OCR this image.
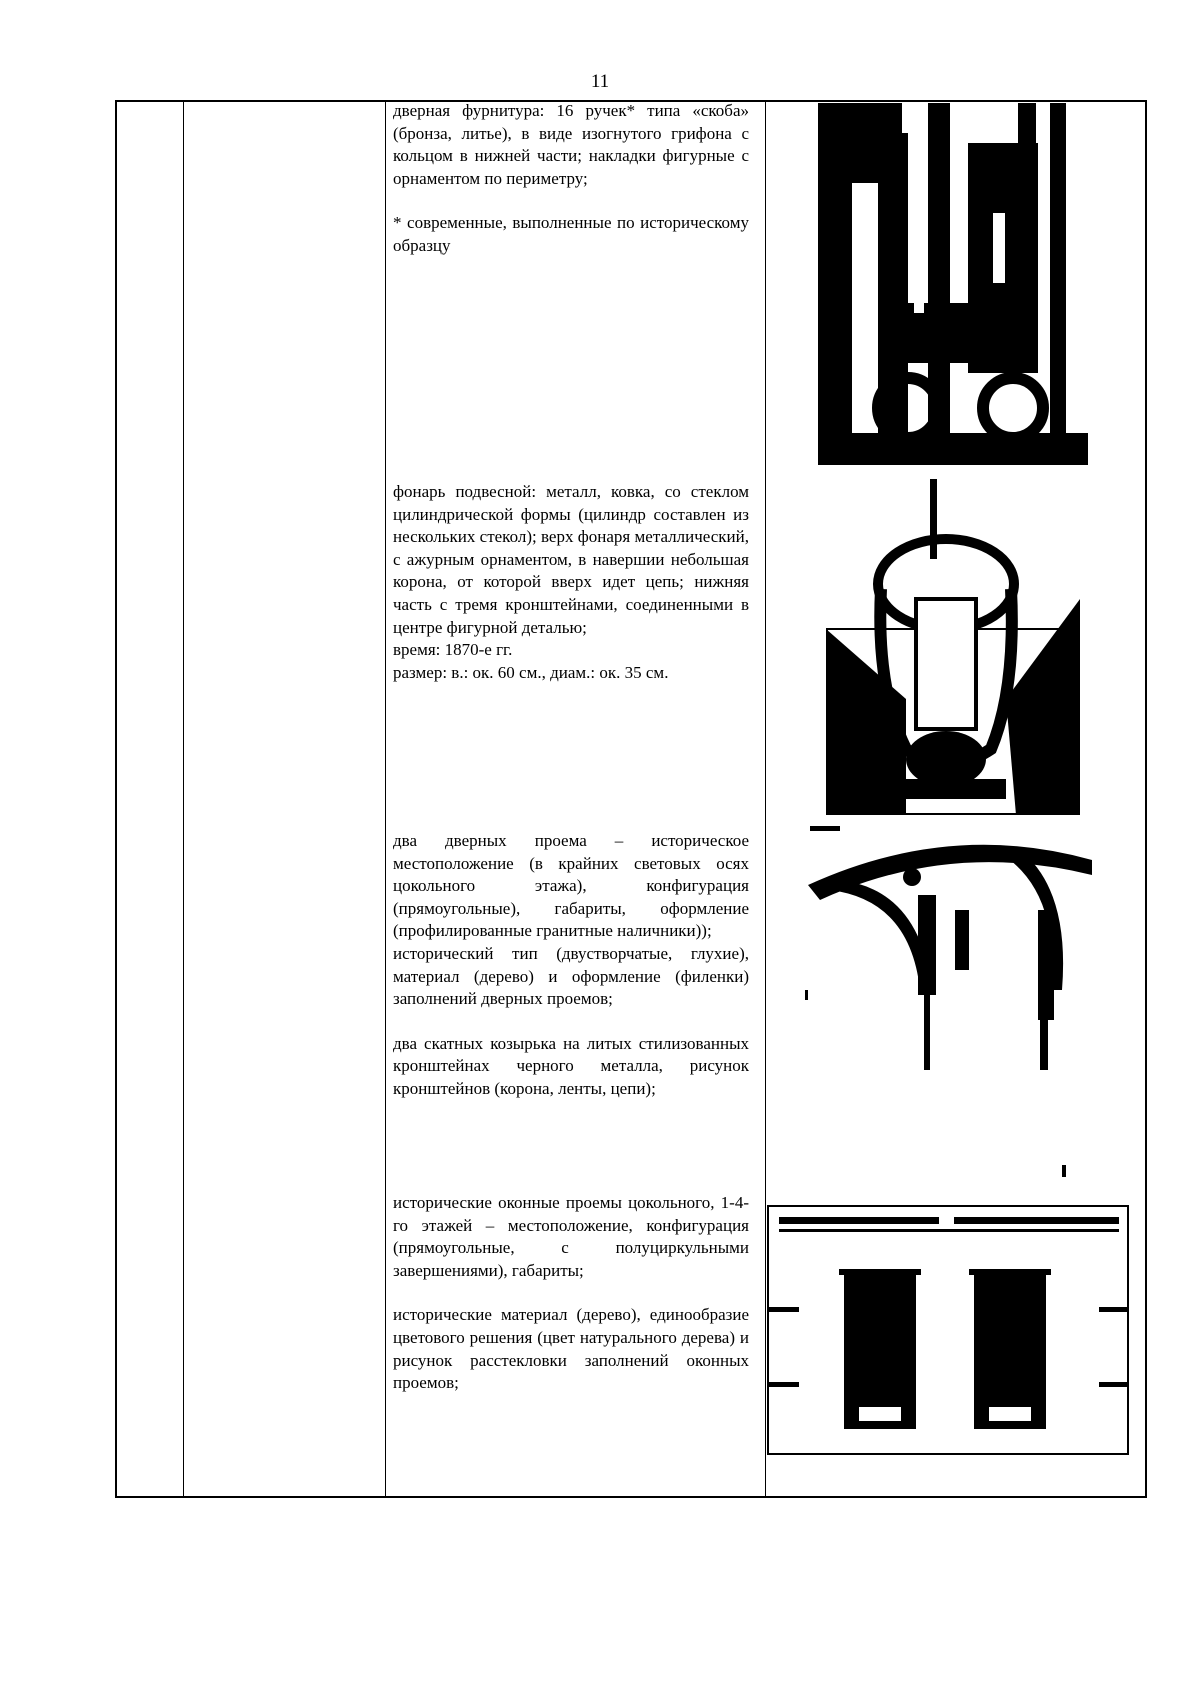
11

дверная фурнитура: 16 ручек* типа «скоба» (бронза, литье), в виде изогнутого грифона с кольцом в нижней части; накладки фигурные с орнаментом по периметру;

* современные, выполненные по историческому образцу

фонарь подвесной: металл, ковка, со стеклом цилиндрической формы (цилиндр составлен из нескольких стекол); верх фонаря металлический, с ажурным орнаментом, в навершии небольшая корона, от которой вверх идет цепь; нижняя часть с тремя кронштейнами, соединенными в центре фигурной деталью;

время: 1870-е гг.

размер: в.: ок. 60 см., диам.: ок. 35 см.

два дверных проема – историческое местоположение (в крайних световых осях цокольного этажа), конфигурация (прямоугольные), габариты, оформление (профилированные гранитные наличники));

исторический тип (двустворчатые, глухие), материал (дерево) и оформление (филенки) заполнений дверных проемов;

два скатных козырька на литых стилизованных кронштейнах черного металла, рисунок кронштейнов (корона, ленты, цепи);

исторические оконные проемы цокольного, 1-4-го этажей – местоположение, конфигурация (прямоугольные, с полуциркульными завершениями), габариты;

исторические материал (дерево), единообразие цветового решения (цвет натурального дерева) и рисунок расстекловки заполнений оконных проемов;
